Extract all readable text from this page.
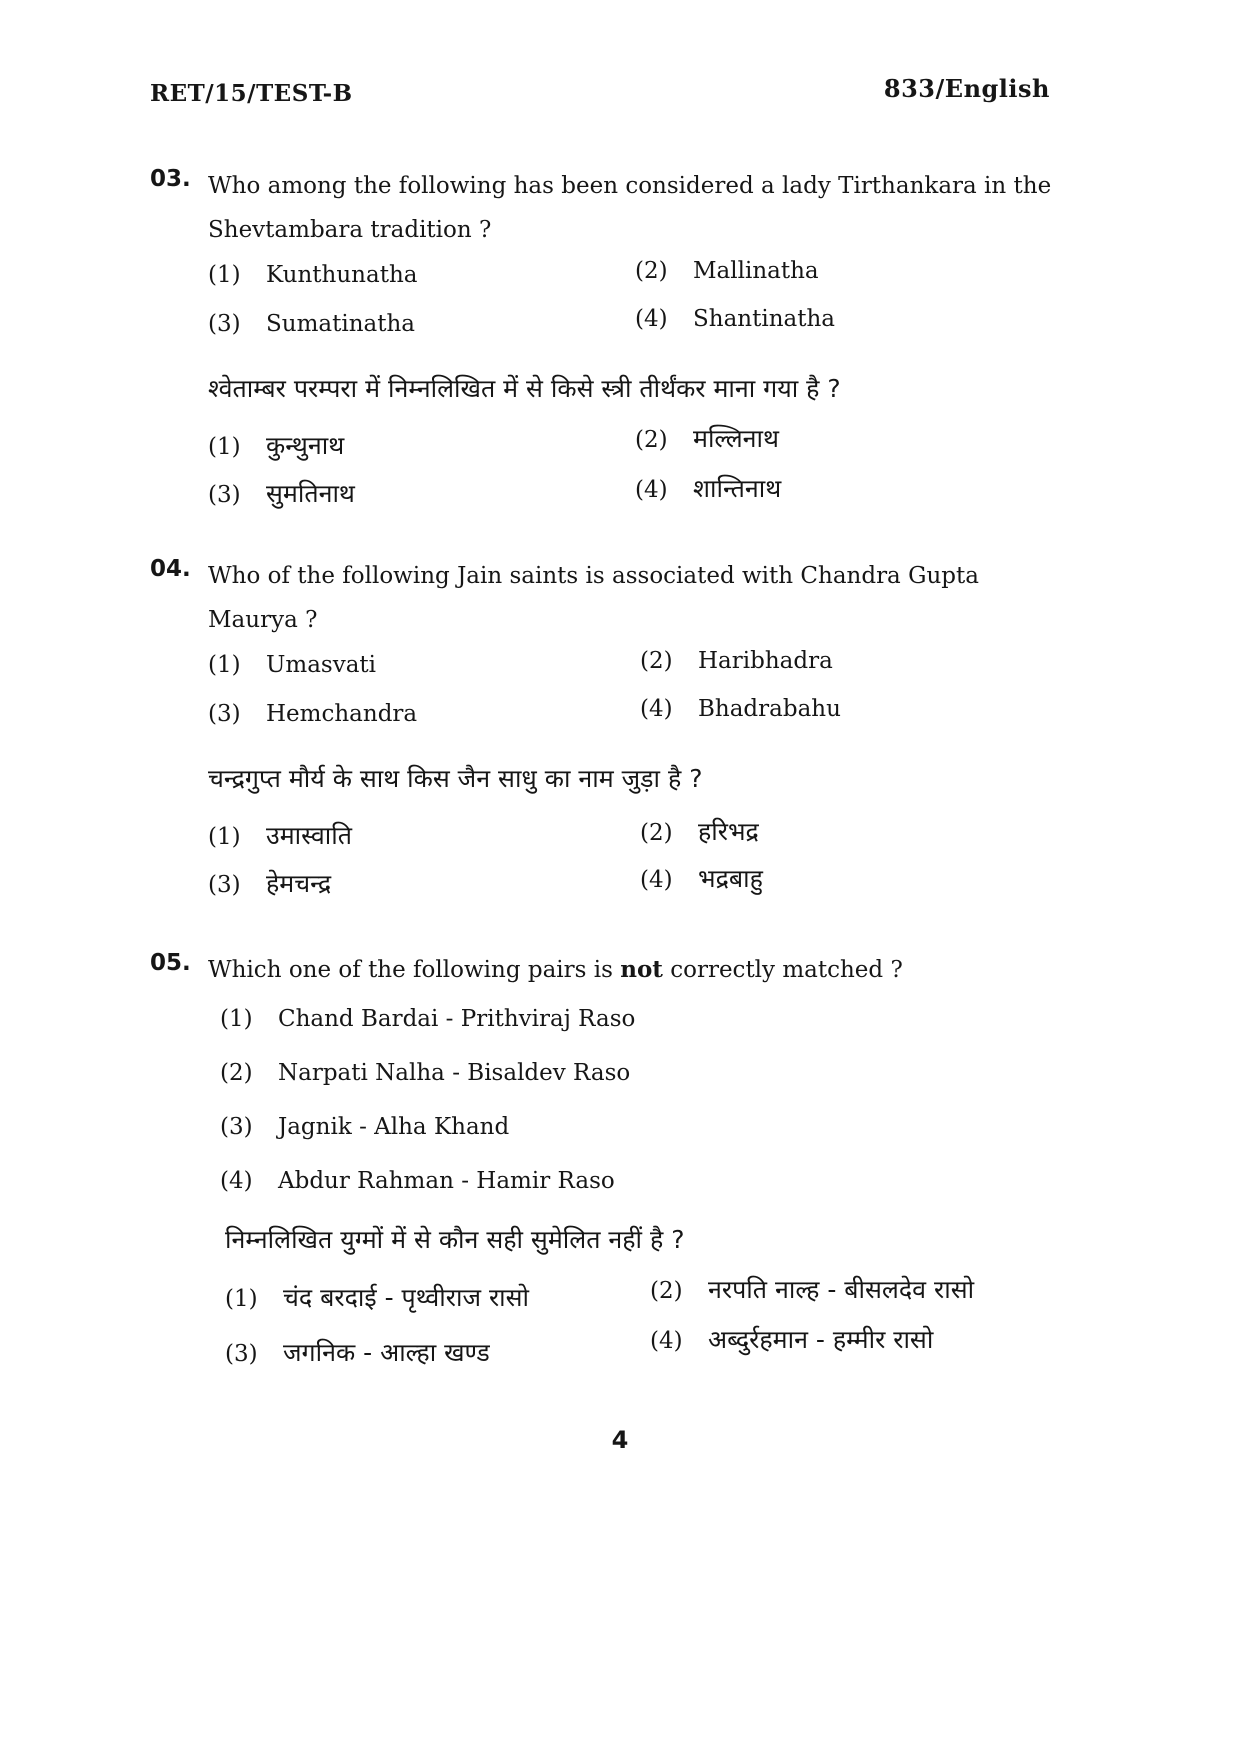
RET/15/TEST-B	833/English
03. Who among the following has been considered a lady Tirthankara in the Shevtambara tradition ?
(1) Kunthunatha	(2) Mallinatha
(3) Sumatinatha	(4) Shantinatha
श्वेताम्बर परम्परा में निम्नलिखित में से किसे स्त्री तीर्थंकर माना गया है ?
(1) कुन्थुनाथ	(2) मल्लिनाथ
(3) सुमतिनाथ	(4) शान्तिनाथ
04. Who of the following Jain saints is associated with Chandra Gupta Maurya ?
(1) Umasvati	(2) Haribhadra
(3) Hemchandra	(4) Bhadrabahu
चन्द्रगुप्त मौर्य के साथ किस जैन साधु का नाम जुड़ा है ?
(1) उमास्वाति	(2) हरिभद्र
(3) हेमचन्द्र	(4) भद्रबाहु
05. Which one of the following pairs is not correctly matched ?
(1) Chand Bardai - Prithviraj Raso
(2) Narpati Nalha - Bisaldev Raso
(3) Jagnik - Alha Khand
(4) Abdur Rahman - Hamir Raso
निम्नलिखित युग्मों में से कौन सही सुमेलित नहीं है ?
(1) चंद बरदाई - पृथ्वीराज रासो	(2) नरपति नाल्ह - बीसलदेव रासो
(3) जगनिक - आल्हा खण्ड	(4) अब्दुर्रहमान - हम्मीर रासो
4
